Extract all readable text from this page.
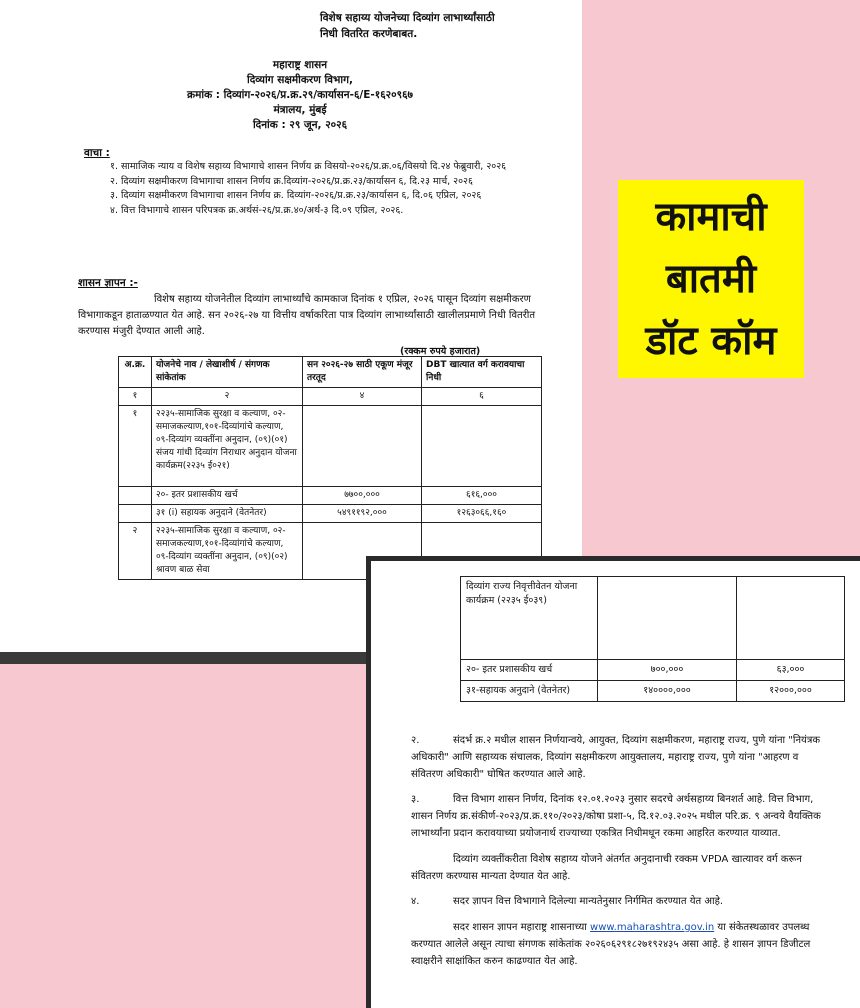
विशेष सहाय्य योजनेच्या दिव्यांग लाभार्थ्यांसाठी
निधी वितरित करणेबाबत.
महाराष्ट्र शासन
दिव्यांग सक्षमीकरण विभाग,
क्रमांक : दिव्यांग-२०२६/प्र.क्र.२९/कार्यासन-६/E-१६२०९६७
मंत्रालय, मुंबई
दिनांक : २९ जून, २०२६
वाचा :
१. सामाजिक न्याय व विशेष सहाय्य विभागाचे शासन निर्णय क्र विसयो-२०२६/प्र.क्र.०६/विसयो दि.२४ फेब्रुवारी, २०२६
२. दिव्यांग सक्षमीकरण विभागाचा शासन निर्णय क्र.दिव्यांग-२०२६/प्र.क्र.२३/कार्यासन ६, दि.२३ मार्च, २०२६
३. दिव्यांग सक्षमीकरण विभागाचा शासन निर्णय क्र. दिव्यांग-२०२६/प्र.क्र.२३/कार्यासन ६, दि.०६ एप्रिल, २०२६
४. वित्त विभागाचे शासन परिपत्रक क्र.अर्थसं-२६/प्र.क्र.४०/अर्थ-३ दि.०९ एप्रिल, २०२६.
शासन ज्ञापन :-
विशेष सहाय्य योजनेतील दिव्यांग लाभार्थ्यांचे कामकाज दिनांक १ एप्रिल, २०२६ पासून दिव्यांग सक्षमीकरण विभागाकडून हाताळण्यात येत आहे. सन २०२६-२७ या वित्तीय वर्षाकरिता पात्र दिव्यांग लाभार्थ्यांसाठी खालीलप्रमाणे निधी वितरीत करण्यास मंजुरी देण्यात आली आहे.
(रक्कम रुपये हजारात)
अ.क्र.	योजनेचे नाव / लेखाशीर्ष / संगणक सांकेतांक	सन २०२६-२७ साठी एकूण मंजूर तरतूद	DBT खात्यात वर्ग करावयाचा निधी
१	२	४	६
१	२२३५-सामाजिक सुरक्षा व कल्याण, ०२-समाजकल्याण,१०१-दिव्यांगांचे कल्याण, ०९-दिव्यांग व्यक्तींना अनुदान, (०९)(०१) संजय गांधी दिव्यांग निराधार अनुदान योजना कार्यक्रम(२२३५ ई०२१)		
	२०- इतर प्रशासकीय खर्च	७७००,०००	६१६,०००
	३१ (i) सहायक अनुदाने (वेतनेतर)	५४९११९२,०००	१२६३०६६,१६०
२	२२३५-सामाजिक सुरक्षा व कल्याण, ०२-समाजकल्याण,१०१-दिव्यांगांचे कल्याण, ०९-दिव्यांग व्यक्तींना अनुदान, (०९)(०२) श्रावण बाळ सेवा		
कामाची
बातमी
डॉट कॉम
दिव्यांग राज्य निवृत्तीवेतन योजना कार्यक्रम (२२३५ ई०३९)		
२०- इतर प्रशासकीय खर्च	७००,०००	६३,०००
३१-सहायक अनुदाने (वेतनेतर)	१४००००,०००	१२०००,०००
२.	संदर्भ क्र.२ मधील शासन निर्णयान्वये, आयुक्त, दिव्यांग सक्षमीकरण, महाराष्ट्र राज्य, पुणे यांना "नियंत्रक अधिकारी" आणि सहाय्यक संचालक, दिव्यांग सक्षमीकरण आयुक्तालय, महाराष्ट्र राज्य, पुणे यांना "आहरण व संवितरण अधिकारी" घोषित करण्यात आले आहे.
३.	वित्त विभाग शासन निर्णय, दिनांक १२.०१.२०२३ नुसार सदरचे अर्थसहाय्य बिनशर्त आहे. वित्त विभाग, शासन निर्णय क्र.संकीर्ण-२०२३/प्र.क्र.११०/२०२३/कोषा प्रशा-५, दि.१२.०३.२०२५ मधील परि.क्र. ९ अन्वये वैयक्तिक लाभार्थ्यांना प्रदान करावयाच्या प्रयोजनार्थ राज्याच्या एकत्रित निधीमधून रकमा आहरित करण्यात याव्यात.
दिव्यांग व्यक्तींकरीता विशेष सहाय्य योजने अंतर्गत अनुदानाची रक्कम VPDA खात्यावर वर्ग करून संवितरण करण्यास मान्यता देण्यात येत आहे.
४.	सदर ज्ञापन वित्त विभागाने दिलेल्या मान्यतेनुसार निर्गमित करण्यात येत आहे.
सदर शासन ज्ञापन महाराष्ट्र शासनाच्या www.maharashtra.gov.in या संकेतस्थळावर उपलब्ध करण्यात आलेले असून त्याचा संगणक सांकेतांक २०२६०६२९१८२७१९२४३५ असा आहे. हे शासन ज्ञापन डिजीटल स्वाक्षरीने साक्षांकित करुन काढण्यात येत आहे.
